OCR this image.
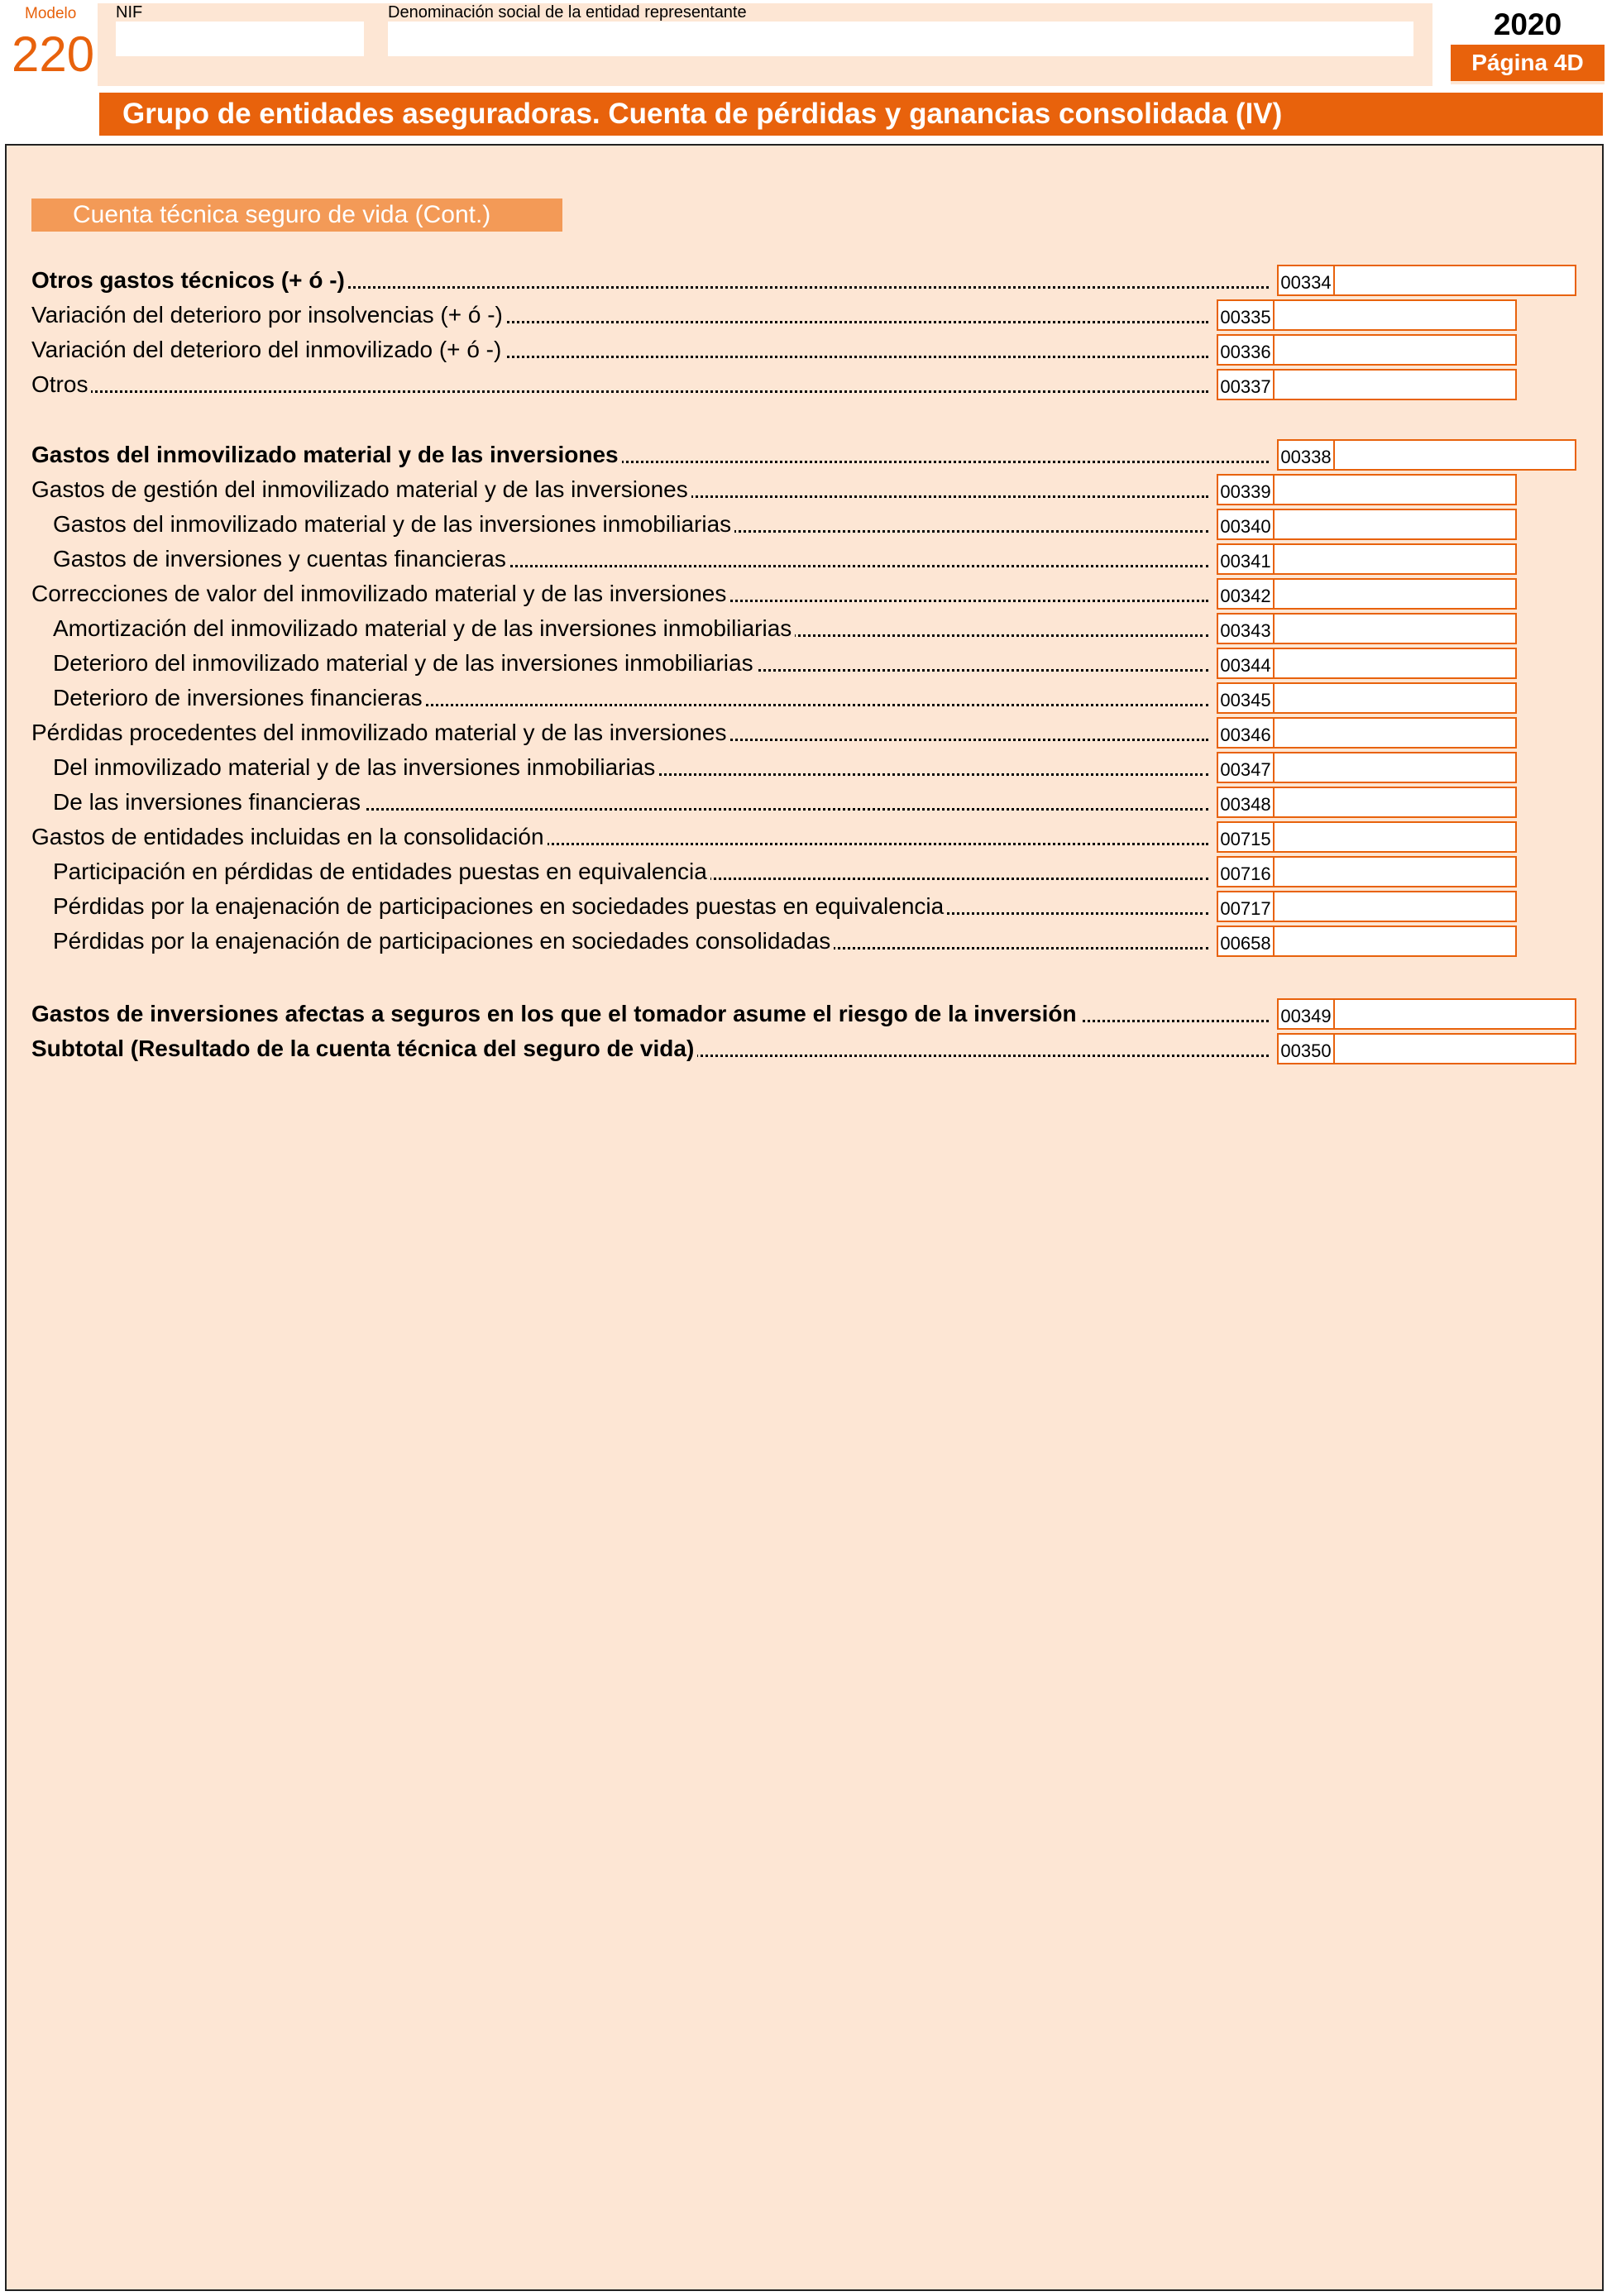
Modelo
220
NIF	Denominación social de la entidad representante	2020
Página 4D
Grupo de entidades aseguradoras. Cuenta de pérdidas y ganancias consolidada (IV)
Cuenta técnica seguro de vida (Cont.)
Otros gastos técnicos (+ ó -)	00334
Variación del deterioro por insolvencias (+ ó -)	00335
Variación del deterioro del inmovilizado (+ ó -)	00336
Otros	00337
Gastos del inmovilizado material y de las inversiones	00338
Gastos de gestión del inmovilizado material y de las inversiones	00339
Gastos del inmovilizado material y de las inversiones inmobiliarias	00340
Gastos de inversiones y cuentas financieras	00341
Correcciones de valor del inmovilizado material y de las inversiones	00342
Amortización del inmovilizado material y de las inversiones inmobiliarias	00343
Deterioro del inmovilizado material y de las inversiones inmobiliarias	00344
Deterioro de inversiones financieras	00345
Pérdidas procedentes del inmovilizado material y de las inversiones	00346
Del inmovilizado material y de las inversiones inmobiliarias	00347
De las inversiones financieras	00348
Gastos de entidades incluidas en la consolidación	00715
Participación en pérdidas de entidades puestas en equivalencia	00716
Pérdidas por la enajenación de participaciones en sociedades puestas en equivalencia	00717
Pérdidas por la enajenación de participaciones en sociedades consolidadas	00658
Gastos de inversiones afectas a seguros en los que el tomador asume el riesgo de la inversión	00349
Subtotal (Resultado de la cuenta técnica del seguro de vida)	00350
